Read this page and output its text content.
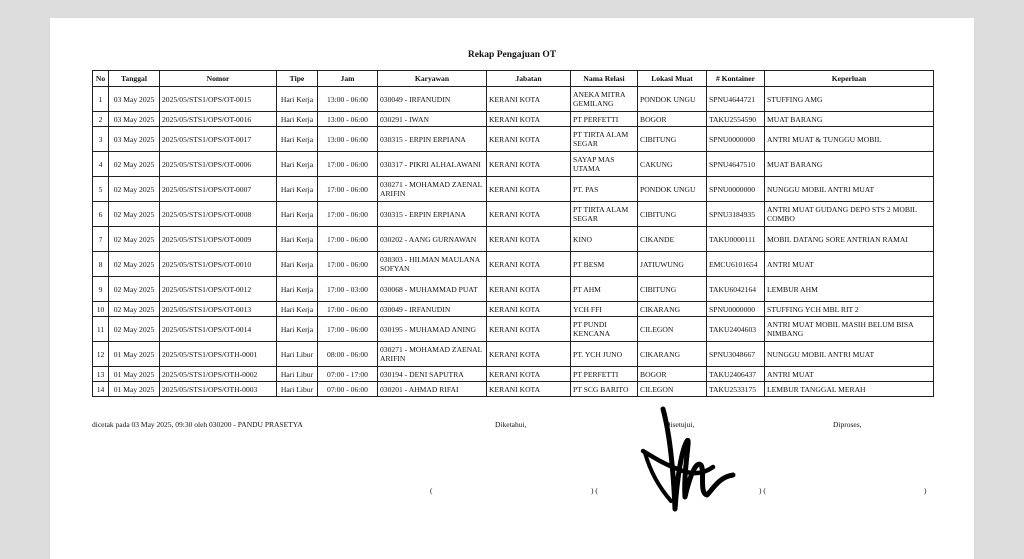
Rekap Pengajuan OT
No	Tanggal	Nomor	Tipe	Jam	Karyawan	Jabatan	Nama Relasi	Lokasi Muat	# Kontainer	Keperluan
1	03 May 2025	2025/05/STS1/OPS/OT-0015	Hari Kerja	13:00 - 06:00	030049 - IRFANUDIN	KERANI KOTA	ANEKA MITRA GEMILANG	PONDOK UNGU	SPNU4644721	STUFFING AMG
2	03 May 2025	2025/05/STS1/OPS/OT-0016	Hari Kerja	13:00 - 06:00	030291 - IWAN	KERANI KOTA	PT PERFETTI	BOGOR	TAKU2554590	MUAT BARANG
3	03 May 2025	2025/05/STS1/OPS/OT-0017	Hari Kerja	13:00 - 06:00	030315 - ERPIN ERPIANA	KERANI KOTA	PT TIRTA ALAM SEGAR	CIBITUNG	SPNU0000000	ANTRI MUAT & TUNGGU MOBIL
4	02 May 2025	2025/05/STS1/OPS/OT-0006	Hari Kerja	17:00 - 06:00	030317 - PIKRI ALHALAWANI	KERANI KOTA	SAYAP MAS UTAMA	CAKUNG	SPNU4647510	MUAT BARANG
5	02 May 2025	2025/05/STS1/OPS/OT-0007	Hari Kerja	17:00 - 06:00	030271 - MOHAMAD ZAENAL ARIFIN	KERANI KOTA	PT. PAS	PONDOK UNGU	SPNU0000000	NUNGGU MOBIL ANTRI MUAT
6	02 May 2025	2025/05/STS1/OPS/OT-0008	Hari Kerja	17:00 - 06:00	030315 - ERPIN ERPIANA	KERANI KOTA	PT TIRTA ALAM SEGAR	CIBITUNG	SPNU3184935	ANTRI MUAT GUDANG DEPO STS 2 MOBIL COMBO
7	02 May 2025	2025/05/STS1/OPS/OT-0009	Hari Kerja	17:00 - 06:00	030202 - AANG GURNAWAN	KERANI KOTA	KINO	CIKANDE	TAKU0000111	MOBIL DATANG SORE ANTRIAN RAMAI
8	02 May 2025	2025/05/STS1/OPS/OT-0010	Hari Kerja	17:00 - 06:00	030303 - HILMAN MAULANA SOFYAN	KERANI KOTA	PT BESM	JATIUWUNG	EMCU6101654	ANTRI MUAT
9	02 May 2025	2025/05/STS1/OPS/OT-0012	Hari Kerja	17:00 - 03:00	030068 - MUHAMMAD PUAT	KERANI KOTA	PT AHM	CIBITUNG	TAKU6042164	LEMBUR AHM
10	02 May 2025	2025/05/STS1/OPS/OT-0013	Hari Kerja	17:00 - 06:00	030049 - IRFANUDIN	KERANI KOTA	YCH FFI	CIKARANG	SPNU0000000	STUFFING YCH MBL RIT 2
11	02 May 2025	2025/05/STS1/OPS/OT-0014	Hari Kerja	17:00 - 06:00	030195 - MUHAMAD ANING	KERANI KOTA	PT PUNDI KENCANA	CILEGON	TAKU2404603	ANTRI MUAT MOBIL MASIH BELUM BISA NIMBANG
12	01 May 2025	2025/05/STS1/OPS/OTH-0001	Hari Libur	08:00 - 06:00	030271 - MOHAMAD ZAENAL ARIFIN	KERANI KOTA	PT. YCH JUNO	CIKARANG	SPNU3048667	NUNGGU MOBIL ANTRI MUAT
13	01 May 2025	2025/05/STS1/OPS/OTH-0002	Hari Libur	07:00 - 17:00	030194 - DENI SAPUTRA	KERANI KOTA	PT PERFETTI	BOGOR	TAKU2406437	ANTRI MUAT
14	01 May 2025	2025/05/STS1/OPS/OTH-0003	Hari Libur	07:00 - 06:00	030201 - AHMAD RIFAI	KERANI KOTA	PT SCG BARITO	CILEGON	TAKU2533175	LEMBUR TANGGAL MERAH
dicetak pada 03 May 2025, 09:30 oleh 030200 - PANDU PRASETYA	Diketahui,	Disetujui,	Diproses,
(	) (	) (	)
